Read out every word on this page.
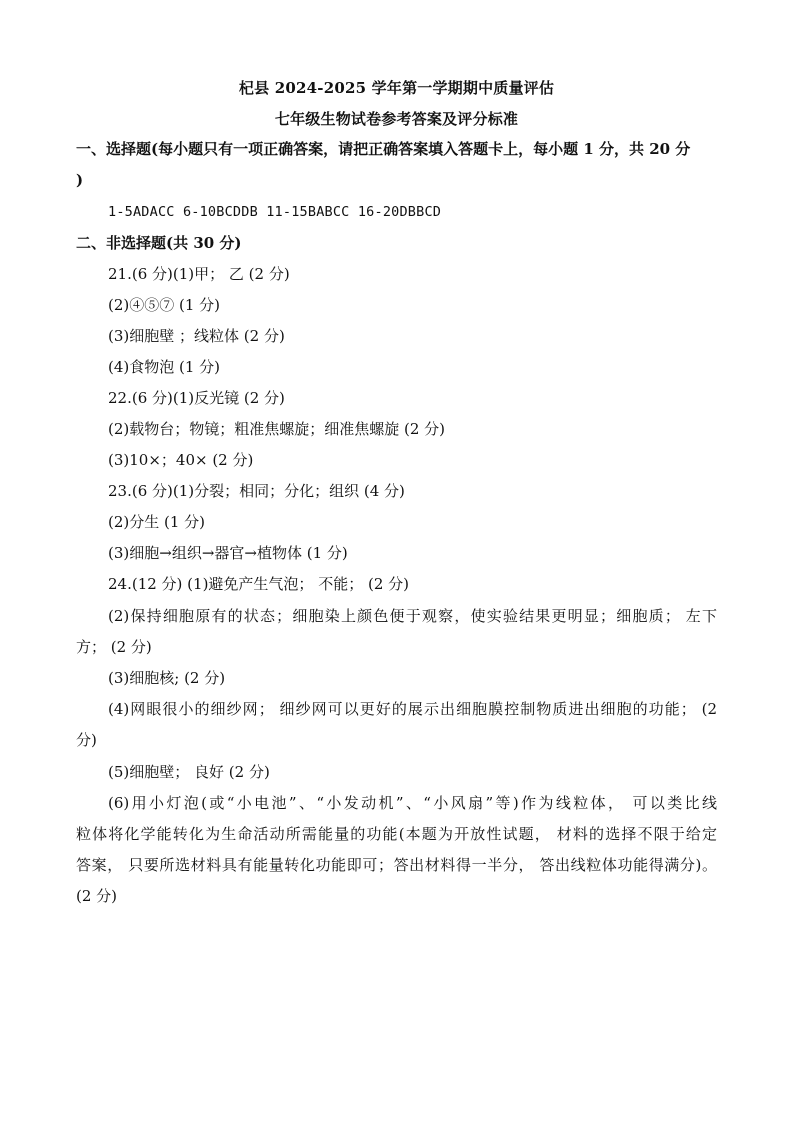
杞县 2024-2025 学年第一学期期中质量评估
七年级生物试卷参考答案及评分标准
一、选择题(每小题只有一项正确答案，请把正确答案填入答题卡上，每小题 1 分，共 20 分
)
1-5ADACC 6-10BCDDB 11-15BABCC 16-20DBBCD
二、非选择题(共 30 分)
21.(6 分)(1)甲； 乙 (2 分)
(2)④⑤⑦ (1 分)
(3)细胞壁 ；线粒体 (2 分)
(4)食物泡 (1 分)
22.(6 分)(1)反光镜 (2 分)
(2)载物台；物镜；粗准焦螺旋；细准焦螺旋 (2 分)
(3)10×；40× (2 分)
23.(6 分)(1)分裂；相同；分化；组织 (4 分)
(2)分生 (1 分)
(3)细胞→组织→器官→植物体 (1 分)
24.(12 分) (1)避免产生气泡； 不能； (2 分)
(2)保持细胞原有的状态；细胞染上颜色便于观察，使实验结果更明显；细胞质； 左下
方； (2 分)
(3)细胞核; (2 分)
(4)网眼很小的细纱网； 细纱网可以更好的展示出细胞膜控制物质进出细胞的功能； (2
分)
(5)细胞壁； 良好 (2 分)
(6)用小灯泡(或“小电池”、“小发动机”、“小风扇”等)作为线粒体， 可以类比线
粒体将化学能转化为生命活动所需能量的功能(本题为开放性试题， 材料的选择不限于给定
答案， 只要所选材料具有能量转化功能即可；答出材料得一半分， 答出线粒体功能得满分)。
(2 分)
